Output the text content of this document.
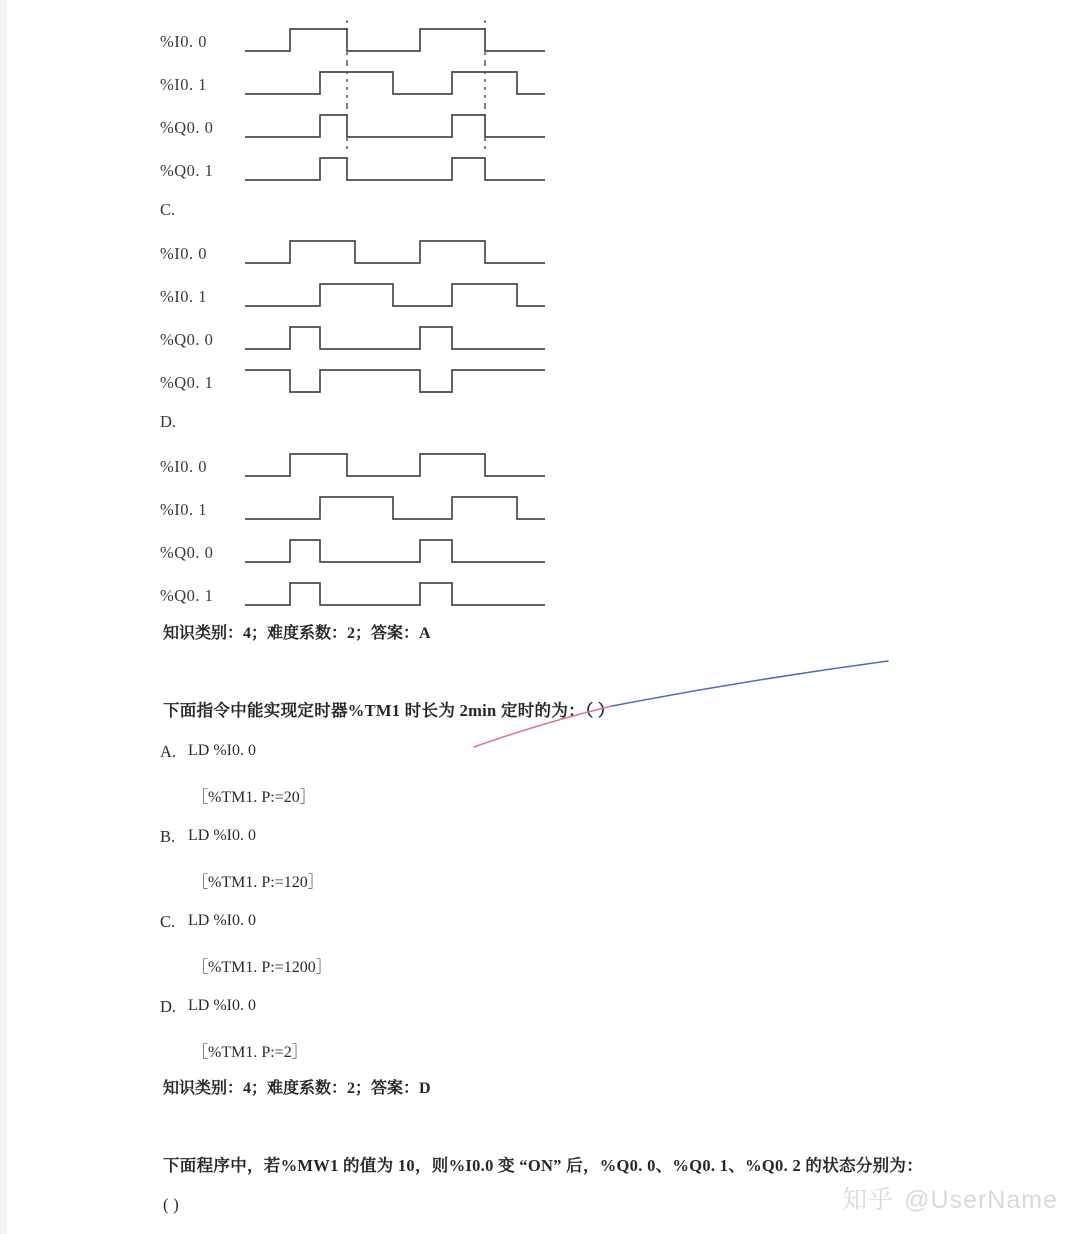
%I0. 0
%I0. 1
%Q0. 0
%Q0. 1
C.
%I0. 0
%I0. 1
%Q0. 0
%Q0. 1
D.
%I0. 0
%I0. 1
%Q0. 0
%Q0. 1
知识类别：4；难度系数：2；答案：A
下面指令中能实现定时器%TM1 时长为 2min 定时的为：（ ）
A. LD %I0. 0
［%TM1. P:=20］
B. LD %I0. 0
［%TM1. P:=120］
C. LD %I0. 0
［%TM1. P:=1200］
D. LD %I0. 0
［%TM1. P:=2］
知识类别：4；难度系数：2；答案：D
下面程序中，若%MW1 的值为 10，则%I0.0 变 “ON” 后，%Q0. 0、%Q0. 1、%Q0. 2 的状态分别为：
( )	知乎 @UserName
